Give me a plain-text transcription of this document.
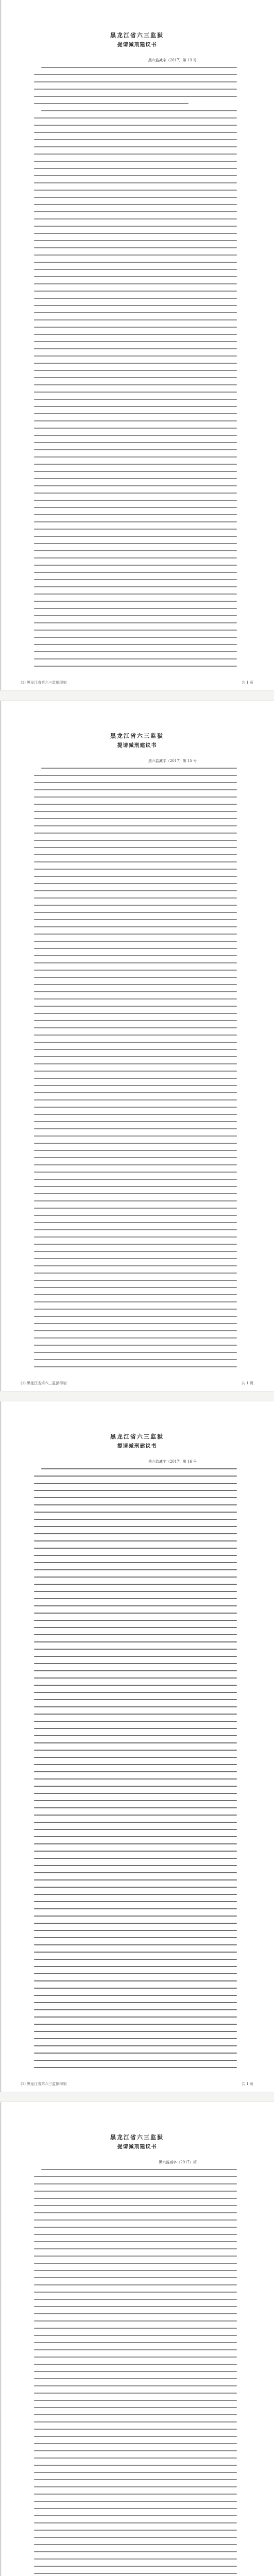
黑龙江省六三监狱
提请减刑建议书
黑六监减字（2017）第 13 号
(1) 黑龙江省第六三监狱印制	共 1 页
黑龙江省六三监狱
提请减刑建议书
黑六监减字（2017）第 15 号
(1) 黑龙江省第六三监狱印制	共 1 页
黑龙江省六三监狱
提请减刑建议书
黑六监减字（2017）第 16 号
(1) 黑龙江省第六三监狱印制	共 1 页
黑龙江省六三监狱
提请减刑建议书
黑六监减字（2017）第
